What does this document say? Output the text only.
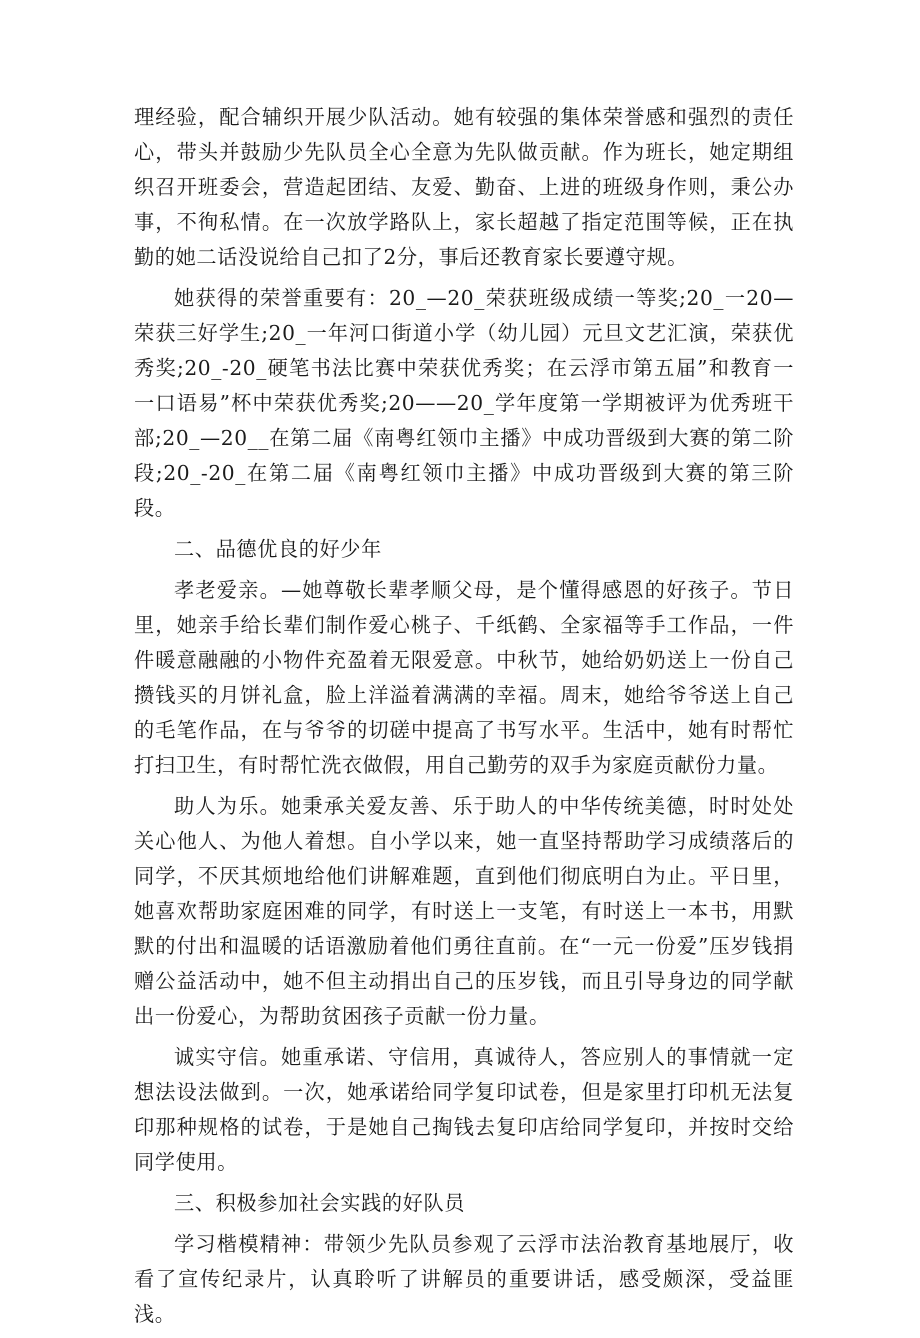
理经验，配合辅织开展少队活动。她有较强的集体荣誉感和强烈的责任心，带头并鼓励少先队员全心全意为先队做贡献。作为班长，她定期组织召开班委会，营造起团结、友爱、勤奋、上进的班级身作则，秉公办事，不徇私情。在一次放学路队上，家长超越了指定范围等候，正在执勤的她二话没说给自己扣了2分，事后还教育家长要遵守规。

她获得的荣誉重要有：20_—20_荣获班级成绩一等奖;20_一20—荣获三好学生;20_一年河口街道小学（幼儿园）元旦文艺汇演，荣获优秀奖;20_-20_硬笔书法比赛中荣获优秀奖；在云浮市第五届”和教育一一口语易”杯中荣获优秀奖;20——20_学年度第一学期被评为优秀班干部;20_—20__在第二届《南粤红领巾主播》中成功晋级到大赛的第二阶段;20_-20_在第二届《南粤红领巾主播》中成功晋级到大赛的第三阶段。

二、品德优良的好少年

孝老爱亲。—她尊敬长辈孝顺父母，是个懂得感恩的好孩子。节日里，她亲手给长辈们制作爱心桃子、千纸鹤、全家福等手工作品，一件件暖意融融的小物件充盈着无限爱意。中秋节，她给奶奶送上一份自己攒钱买的月饼礼盒，脸上洋溢着满满的幸福。周末，她给爷爷送上自己的毛笔作品，在与爷爷的切磋中提高了书写水平。生活中，她有时帮忙打扫卫生，有时帮忙洗衣做假，用自己勤劳的双手为家庭贡献份力量。

助人为乐。她秉承关爱友善、乐于助人的中华传统美德，时时处处关心他人、为他人着想。自小学以来，她一直坚持帮助学习成绩落后的同学，不厌其烦地给他们讲解难题，直到他们彻底明白为止。平日里，她喜欢帮助家庭困难的同学，有时送上一支笔，有时送上一本书，用默默的付出和温暖的话语激励着他们勇往直前。在“一元一份爱”压岁钱捐赠公益活动中，她不但主动捐出自己的压岁钱，而且引导身边的同学献出一份爱心，为帮助贫困孩子贡献一份力量。

诚实守信。她重承诺、守信用，真诚待人，答应别人的事情就一定想法设法做到。一次，她承诺给同学复印试卷，但是家里打印机无法复印那种规格的试卷，于是她自己掏钱去复印店给同学复印，并按时交给同学使用。

三、积极参加社会实践的好队员

学习楷模精神：带领少先队员参观了云浮市法治教育基地展厅，收看了宣传纪录片，认真聆听了讲解员的重要讲话，感受颇深，受益匪浅。
